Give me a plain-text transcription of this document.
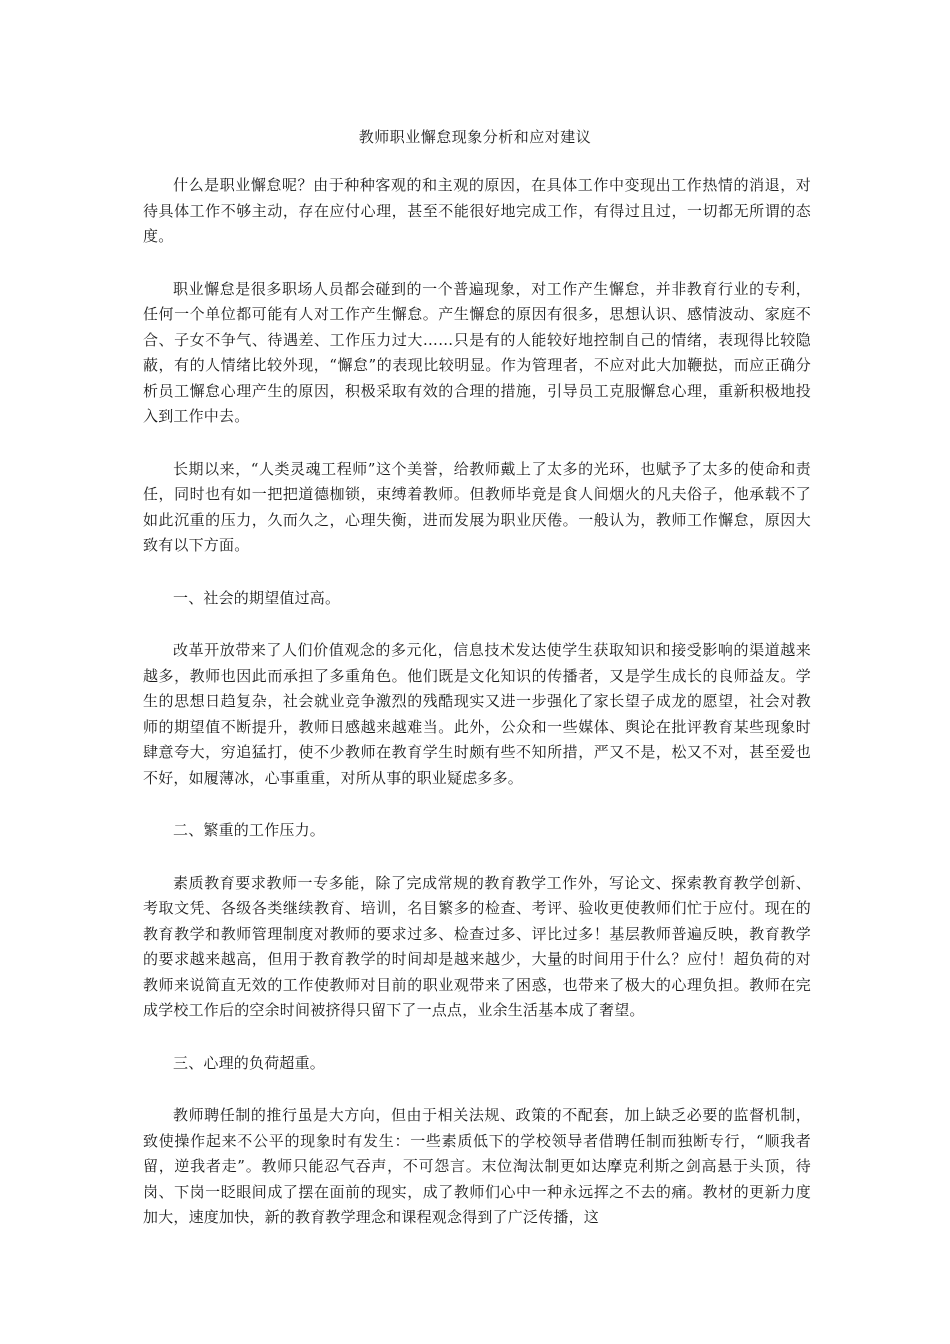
教师职业懈怠现象分析和应对建议

什么是职业懈怠呢？由于种种客观的和主观的原因，在具体工作中变现出工作热情的消退，对待具体工作不够主动，存在应付心理，甚至不能很好地完成工作，有得过且过，一切都无所谓的态度。

职业懈怠是很多职场人员都会碰到的一个普遍现象，对工作产生懈怠，并非教育行业的专利，任何一个单位都可能有人对工作产生懈怠。产生懈怠的原因有很多，思想认识、感情波动、家庭不合、子女不争气、待遇差、工作压力过大……只是有的人能较好地控制自己的情绪，表现得比较隐蔽，有的人情绪比较外现，“懈怠”的表现比较明显。作为管理者，不应对此大加鞭挞，而应正确分析员工懈怠心理产生的原因，积极采取有效的合理的措施，引导员工克服懈怠心理，重新积极地投入到工作中去。

长期以来，“人类灵魂工程师”这个美誉，给教师戴上了太多的光环，也赋予了太多的使命和责任，同时也有如一把把道德枷锁，束缚着教师。但教师毕竟是食人间烟火的凡夫俗子，他承载不了如此沉重的压力，久而久之，心理失衡，进而发展为职业厌倦。一般认为，教师工作懈怠，原因大致有以下方面。

一、社会的期望值过高。

改革开放带来了人们价值观念的多元化，信息技术发达使学生获取知识和接受影响的渠道越来越多，教师也因此而承担了多重角色。他们既是文化知识的传播者，又是学生成长的良师益友。学生的思想日趋复杂，社会就业竞争激烈的残酷现实又进一步强化了家长望子成龙的愿望，社会对教师的期望值不断提升，教师日感越来越难当。此外，公众和一些媒体、舆论在批评教育某些现象时肆意夸大，穷追猛打，使不少教师在教育学生时颇有些不知所措，严又不是，松又不对，甚至爱也不好，如履薄冰，心事重重，对所从事的职业疑虑多多。

二、繁重的工作压力。

素质教育要求教师一专多能，除了完成常规的教育教学工作外，写论文、探索教育教学创新、考取文凭、各级各类继续教育、培训，名目繁多的检查、考评、验收更使教师们忙于应付。现在的教育教学和教师管理制度对教师的要求过多、检查过多、评比过多！基层教师普遍反映，教育教学的要求越来越高，但用于教育教学的时间却是越来越少，大量的时间用于什么？应付！超负荷的对教师来说简直无效的工作使教师对目前的职业观带来了困惑，也带来了极大的心理负担。教师在完成学校工作后的空余时间被挤得只留下了一点点，业余生活基本成了奢望。

三、心理的负荷超重。

教师聘任制的推行虽是大方向，但由于相关法规、政策的不配套，加上缺乏必要的监督机制，致使操作起来不公平的现象时有发生：一些素质低下的学校领导者借聘任制而独断专行，“顺我者留，逆我者走”。教师只能忍气吞声，不可怨言。末位淘汰制更如达摩克利斯之剑高悬于头顶，待岗、下岗一眨眼间成了摆在面前的现实，成了教师们心中一种永远挥之不去的痛。教材的更新力度加大，速度加快，新的教育教学理念和课程观念得到了广泛传播，这
